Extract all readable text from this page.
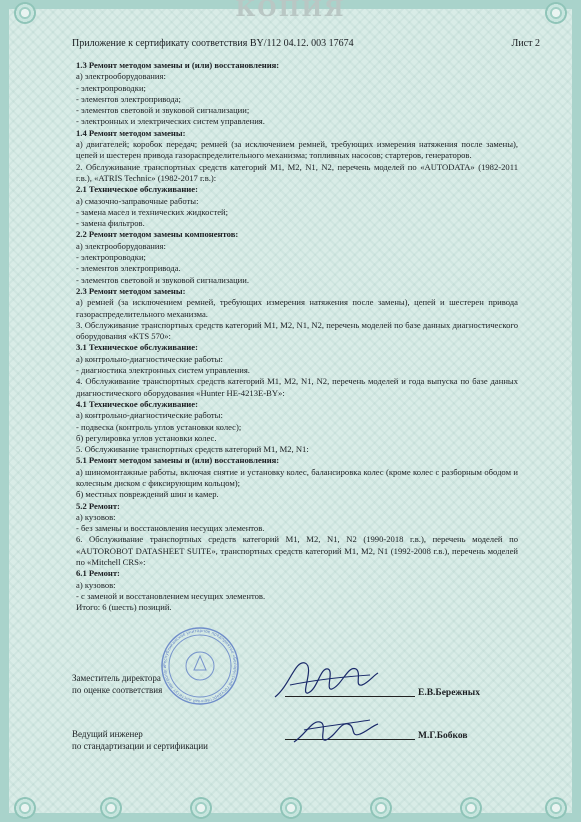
КОПИЯ
Приложение к сертификату соответствия BY/112 04.12. 003 17674	Лист 2

1.3 Ремонт методом замены и (или) восстановления:

а) электрооборудования:

- электропроводки;

- элементов электропривода;

- элементов световой и звуковой сигнализации;

- электронных и электрических систем управления.

1.4 Ремонт методом замены:

а) двигателей; коробок передач; ремней (за исключением ремней, требующих измерения натяжения после замены), цепей и шестерен привода газораспределительного механизма; топливных насосов; стартеров, генераторов.

2. Обслуживание транспортных средств категорий M1, M2, N1, N2, перечень моделей по «AUTODATA» (1982-2011 г.в.), «ATRIS Technic» (1982-2017 г.в.):

2.1 Техническое обслуживание:

а) смазочно-заправочные работы:

- замена масел и технических жидкостей;

- замена фильтров.

2.2 Ремонт методом замены компонентов:

а) электрооборудования:

- электропроводки;

- элементов электропривода.

- элементов световой и звуковой сигнализации.

2.3 Ремонт методом замены:

а) ремней (за исключением ремней, требующих измерения натяжения после замены), цепей и шестерен привода газораспределительного механизма.

3. Обслуживание транспортных средств категорий M1, M2, N1, N2, перечень моделей по базе данных диагностического оборудования «KTS 570»:

3.1 Техническое обслуживание:

а) контрольно-диагностические работы:

- диагностика электронных систем управления.

4. Обслуживание транспортных средств категорий M1, M2, N1, N2, перечень моделей и года выпуска по базе данных диагностического оборудования «Hunter HE-4213E-BY»:

4.1 Техническое обслуживание:

а) контрольно-диагностические работы:

- подвеска (контроль углов установки колес);

б) регулировка углов установки колес.

5. Обслуживание транспортных средств категорий M1, M2, N1:

5.1 Ремонт методом замены и (или) восстановления:

а) шиномонтажные работы, включая снятие и установку колес, балансировка колес (кроме колес с разборным ободом и колесным диском с фиксирующим кольцом);

б) местных повреждений шин и камер.

5.2 Ремонт:

а) кузовов:

- без замены и восстановления несущих элементов.

6. Обслуживание транспортных средств категорий M1, M2, N1, N2 (1990-2018 г.в.), перечень моделей по «AUTOROBOT DATASHEET SUITE», транспортных средств категорий M1, M2, N1 (1992-2008 г.в.), перечень моделей по «Mitchell CRS»:

6.1 Ремонт:

а) кузовов:

- с заменой и восстановлением несущих элементов.

Итого: 6 (шесть) позиций.

Республиканское унитарное предприятие «Белорусский государственный институт метрологи
Заместитель директора
по оценке соответствия	Е.В.Бережных
Ведущий инженер
по стандартизации и сертификации
М.Г.Бобков
